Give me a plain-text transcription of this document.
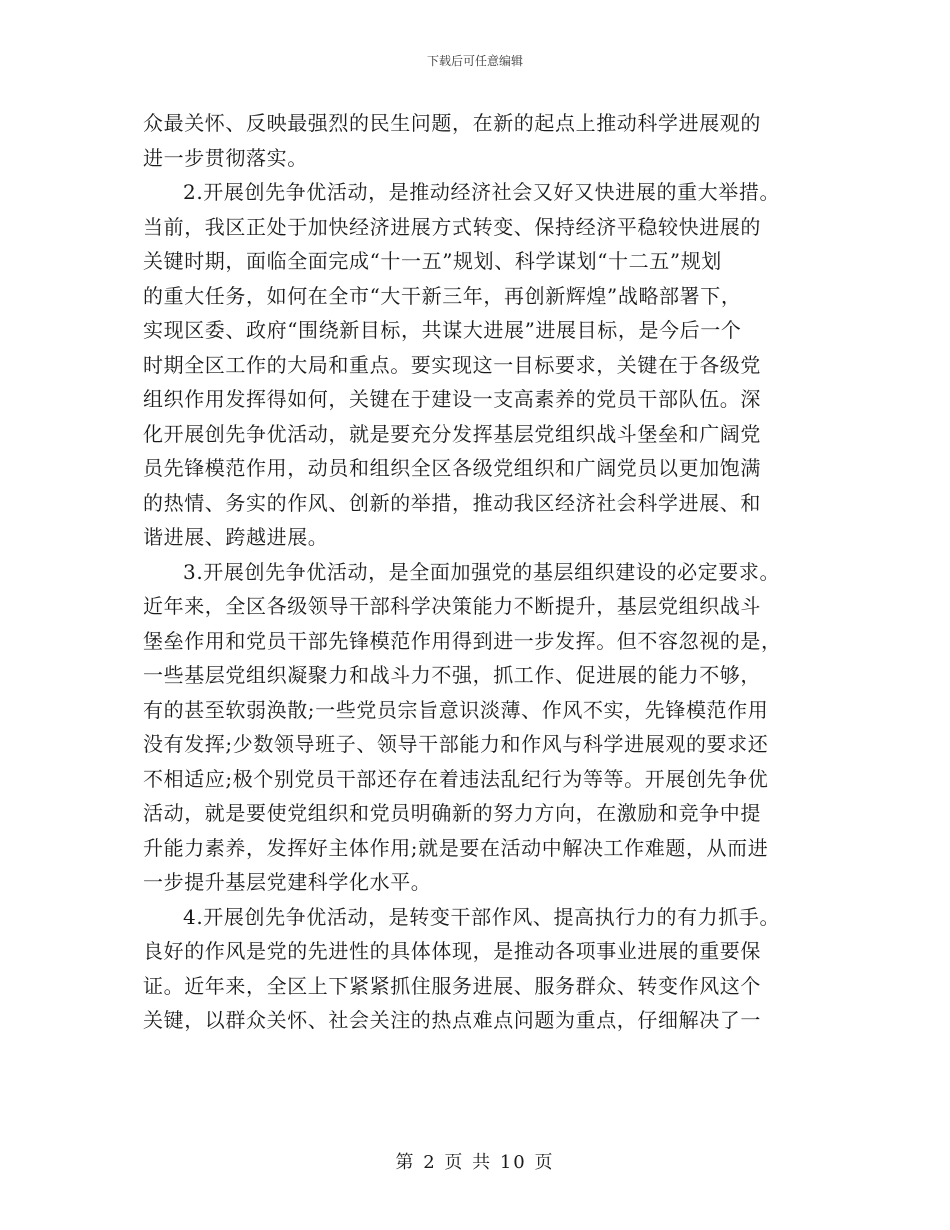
下载后可任意编辑
众最关怀、反映最强烈的民生问题，在新的起点上推动科学进展观的
进一步贯彻落实。
2.开展创先争优活动，是推动经济社会又好又快进展的重大举措。
当前，我区正处于加快经济进展方式转变、保持经济平稳较快进展的
关键时期，面临全面完成“十一五”规划、科学谋划“十二五”规划
的重大任务，如何在全市“大干新三年，再创新辉煌”战略部署下，
实现区委、政府“围绕新目标，共谋大进展”进展目标，是今后一个
时期全区工作的大局和重点。要实现这一目标要求，关键在于各级党
组织作用发挥得如何，关键在于建设一支高素养的党员干部队伍。深
化开展创先争优活动，就是要充分发挥基层党组织战斗堡垒和广阔党
员先锋模范作用，动员和组织全区各级党组织和广阔党员以更加饱满
的热情、务实的作风、创新的举措，推动我区经济社会科学进展、和
谐进展、跨越进展。
3.开展创先争优活动，是全面加强党的基层组织建设的必定要求。
近年来，全区各级领导干部科学决策能力不断提升，基层党组织战斗
堡垒作用和党员干部先锋模范作用得到进一步发挥。但不容忽视的是，
一些基层党组织凝聚力和战斗力不强，抓工作、促进展的能力不够，
有的甚至软弱涣散;一些党员宗旨意识淡薄、作风不实，先锋模范作用
没有发挥;少数领导班子、领导干部能力和作风与科学进展观的要求还
不相适应;极个别党员干部还存在着违法乱纪行为等等。开展创先争优
活动，就是要使党组织和党员明确新的努力方向，在激励和竞争中提
升能力素养，发挥好主体作用;就是要在活动中解决工作难题，从而进
一步提升基层党建科学化水平。
4.开展创先争优活动，是转变干部作风、提高执行力的有力抓手。
良好的作风是党的先进性的具体体现，是推动各项事业进展的重要保
证。近年来，全区上下紧紧抓住服务进展、服务群众、转变作风这个
关键，以群众关怀、社会关注的热点难点问题为重点，仔细解决了一
第 2 页 共 10 页
